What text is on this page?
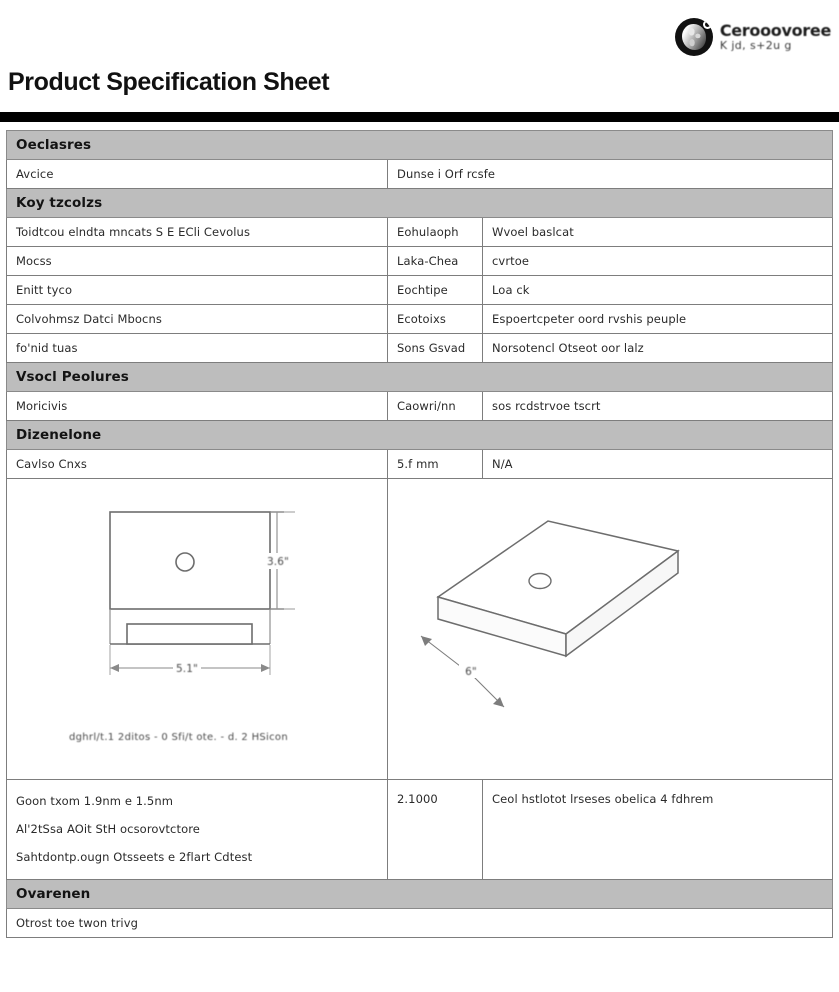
Cerooovoree
K jd, s+2u g
Product Specification Sheet
Oeclasres		
Avcice	Dunse i Orf rcsfe	
Koy tzcolzs		
Toidtcou elndta mncats S E ECli Cevolus	Eohulaoph	Wvoel baslcat
Mocss	Laka-Chea	cvrtoe
Enitt tyco	Eochtipe	Loa ck
Colvohmsz Datci Mbocns	Ecotoixs	Espoertcpeter oord rvshis peuple
fo'nid tuas	Sons Gsvad	Norsotencl Otseot oor lalz
Vsocl Peolures		
Moricivis	Caowri/nn	sos rcdstrvoe tscrt
Dizenelone		
Cavlso Cnxs	5.f mm	N/A

3.6"
5.1"
dghrl/t.1 2ditos - 0 Sfi/t ote. - d. 2 HSicon	6"	

Goon txom 1.9nm e 1.5nm
Al'2tSsa AOit StH ocsorovtctore
Sahtdontp.ougn Otsseets e 2flart Cdtest	2.1000	Ceol hstlotot lrseses obelica 4 fdhrem
Ovarenen		
Otrost toe twon trivg		
